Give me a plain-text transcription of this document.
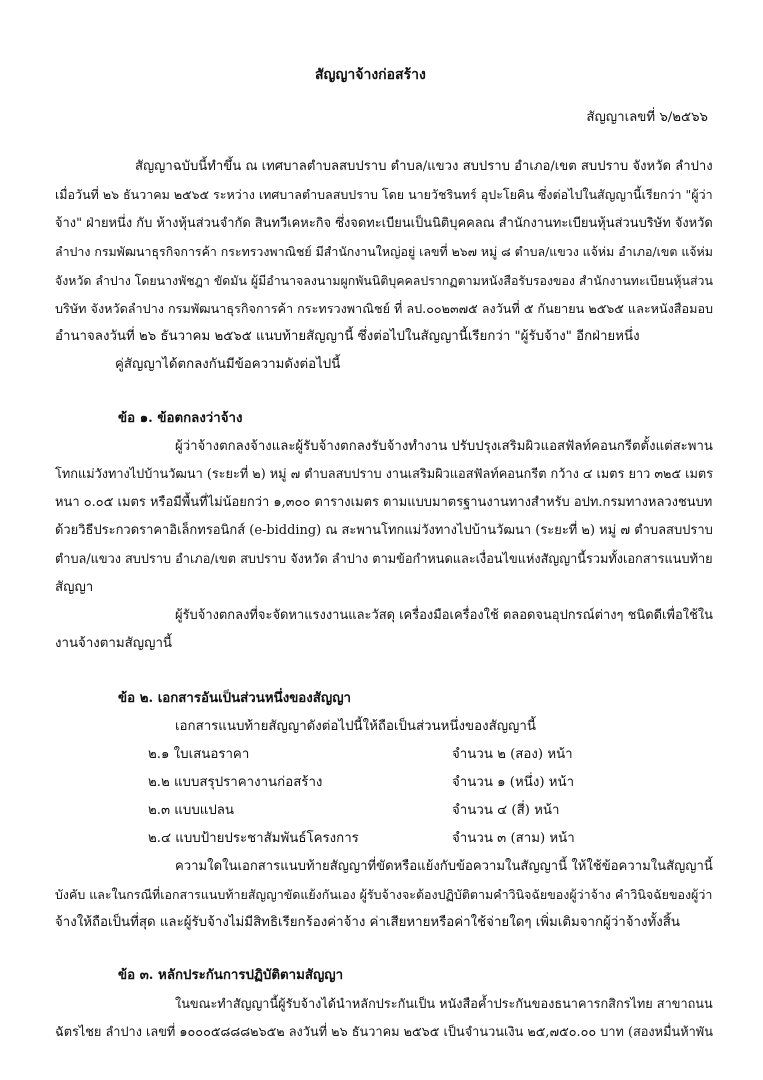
สัญญาจ้างก่อสร้าง
สัญญาเลขที่ ๖/๒๕๖๖
สัญญาฉบับนี้ทำขึ้น ณ เทศบาลตำบลสบปราบ ตำบล/แขวง สบปราบ อำเภอ/เขต สบปราบ จังหวัด ลำปาง
เมื่อวันที่ ๒๖ ธันวาคม ๒๕๖๕ ระหว่าง เทศบาลตำบลสบปราบ โดย นายวัชรินทร์ อุปะโยคิน ซึ่งต่อไปในสัญญานี้เรียกว่า "ผู้ว่า
จ้าง" ฝ่ายหนึ่ง กับ ห้างหุ้นส่วนจำกัด สินทวีเคหะกิจ ซึ่งจดทะเบียนเป็นนิติบุคคลณ สำนักงานทะเบียนหุ้นส่วนบริษัท จังหวัด
ลำปาง กรมพัฒนาธุรกิจการค้า กระทรวงพาณิชย์ มีสำนักงานใหญ่อยู่ เลขที่ ๒๖๗ หมู่ ๘ ตำบล/แขวง แจ้ห่ม อำเภอ/เขต แจ้ห่ม
จังหวัด ลำปาง โดยนางพัชฎา ขัดมัน ผู้มีอำนาจลงนามผูกพันนิติบุคคลปรากฏตามหนังสือรับรองของ สำนักงานทะเบียนหุ้นส่วน
บริษัท จังหวัดลำปาง กรมพัฒนาธุรกิจการค้า กระทรวงพาณิชย์ ที่ ลป.๐๐๒๓๗๕ ลงวันที่ ๕ กันยายน ๒๕๖๕ และหนังสือมอบ
อำนาจลงวันที่ ๒๖ ธันวาคม ๒๕๖๕ แนบท้ายสัญญานี้ ซึ่งต่อไปในสัญญานี้เรียกว่า "ผู้รับจ้าง" อีกฝ่ายหนึ่ง
คู่สัญญาได้ตกลงกันมีข้อความดังต่อไปนี้
ข้อ ๑. ข้อตกลงว่าจ้าง
ผู้ว่าจ้างตกลงจ้างและผู้รับจ้างตกลงรับจ้างทำงาน ปรับปรุงเสริมผิวแอสฟัลท์คอนกรีตตั้งแต่สะพาน
โทกแม่วังทางไปบ้านวัฒนา (ระยะที่ ๒) หมู่ ๗ ตำบลสบปราบ งานเสริมผิวแอสฟัลท์คอนกรีต กว้าง ๔ เมตร ยาว ๓๒๕ เมตร
หนา ๐.๐๕ เมตร หรือมีพื้นที่ไม่น้อยกว่า ๑,๓๐๐ ตารางเมตร ตามแบบมาตรฐานงานทางสำหรับ อปท.กรมทางหลวงชนบท
ด้วยวิธีประกวดราคาอิเล็กทรอนิกส์ (e-bidding) ณ สะพานโทกแม่วังทางไปบ้านวัฒนา (ระยะที่ ๒) หมู่ ๗ ตำบลสบปราบ
ตำบล/แขวง สบปราบ อำเภอ/เขต สบปราบ จังหวัด ลำปาง ตามข้อกำหนดและเงื่อนไขแห่งสัญญานี้รวมทั้งเอกสารแนบท้าย
สัญญา
ผู้รับจ้างตกลงที่จะจัดหาแรงงานและวัสดุ เครื่องมือเครื่องใช้ ตลอดจนอุปกรณ์ต่างๆ ชนิดดีเพื่อใช้ใน
งานจ้างตามสัญญานี้
ข้อ ๒. เอกสารอันเป็นส่วนหนึ่งของสัญญา
เอกสารแนบท้ายสัญญาดังต่อไปนี้ให้ถือเป็นส่วนหนึ่งของสัญญานี้
๒.๑ ใบเสนอราคา	จำนวน ๒ (สอง) หน้า
๒.๒ แบบสรุปราคางานก่อสร้าง	จำนวน ๑ (หนึ่ง) หน้า
๒.๓ แบบแปลน	จำนวน ๔ (สี่) หน้า
๒.๔ แบบป้ายประชาสัมพันธ์โครงการ	จำนวน ๓ (สาม) หน้า
ความใดในเอกสารแนบท้ายสัญญาที่ขัดหรือแย้งกับข้อความในสัญญานี้ ให้ใช้ข้อความในสัญญานี้
บังคับ และในกรณีที่เอกสารแนบท้ายสัญญาขัดแย้งกันเอง ผู้รับจ้างจะต้องปฏิบัติตามคำวินิจฉัยของผู้ว่าจ้าง คำวินิจฉัยของผู้ว่า
จ้างให้ถือเป็นที่สุด และผู้รับจ้างไม่มีสิทธิเรียกร้องค่าจ้าง ค่าเสียหายหรือค่าใช้จ่ายใดๆ เพิ่มเติมจากผู้ว่าจ้างทั้งสิ้น
ข้อ ๓. หลักประกันการปฏิบัติตามสัญญา
ในขณะทำสัญญานี้ผู้รับจ้างได้นำหลักประกันเป็น หนังสือค้ำประกันของธนาคารกสิกรไทย สาขาถนน
ฉัตรไชย ลำปาง เลขที่ ๑๐๐๐๕๘๘๘๒๖๕๒ ลงวันที่ ๒๖ ธันวาคม ๒๕๖๕ เป็นจำนวนเงิน ๒๕,๗๕๐.๐๐ บาท (สองหมื่นห้าพัน
